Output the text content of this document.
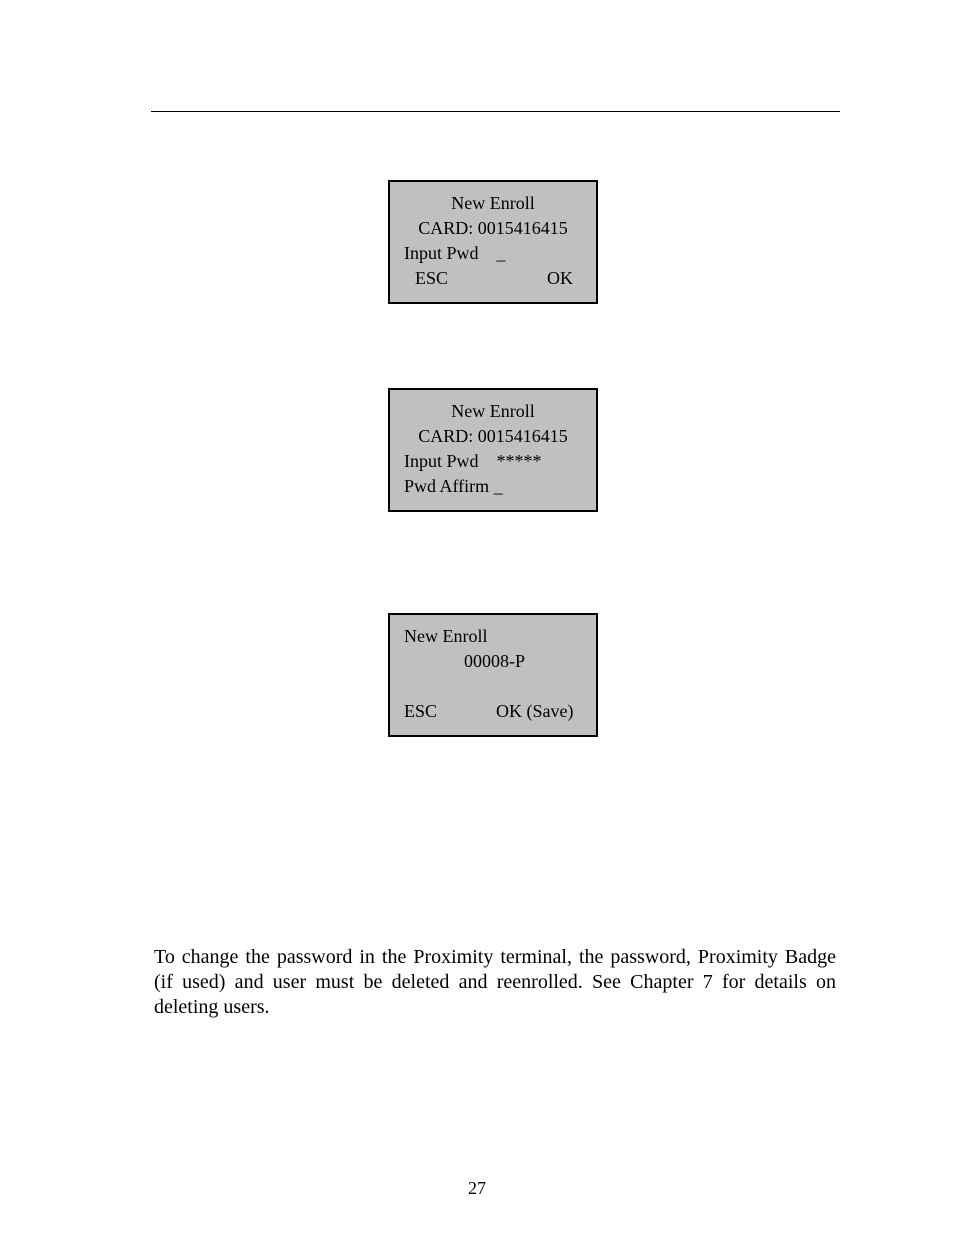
New Enroll
CARD: 0015416415
Input Pwd    _
ESC	OK
New Enroll
CARD: 0015416415
Input Pwd    *****
Pwd Affirm _
New Enroll
00008-P
ESC	OK (Save)

To change the password in the Proximity terminal, the password, Proximity Badge (if used) and user must be deleted and reenrolled. See Chapter 7 for details on deleting users.

27
